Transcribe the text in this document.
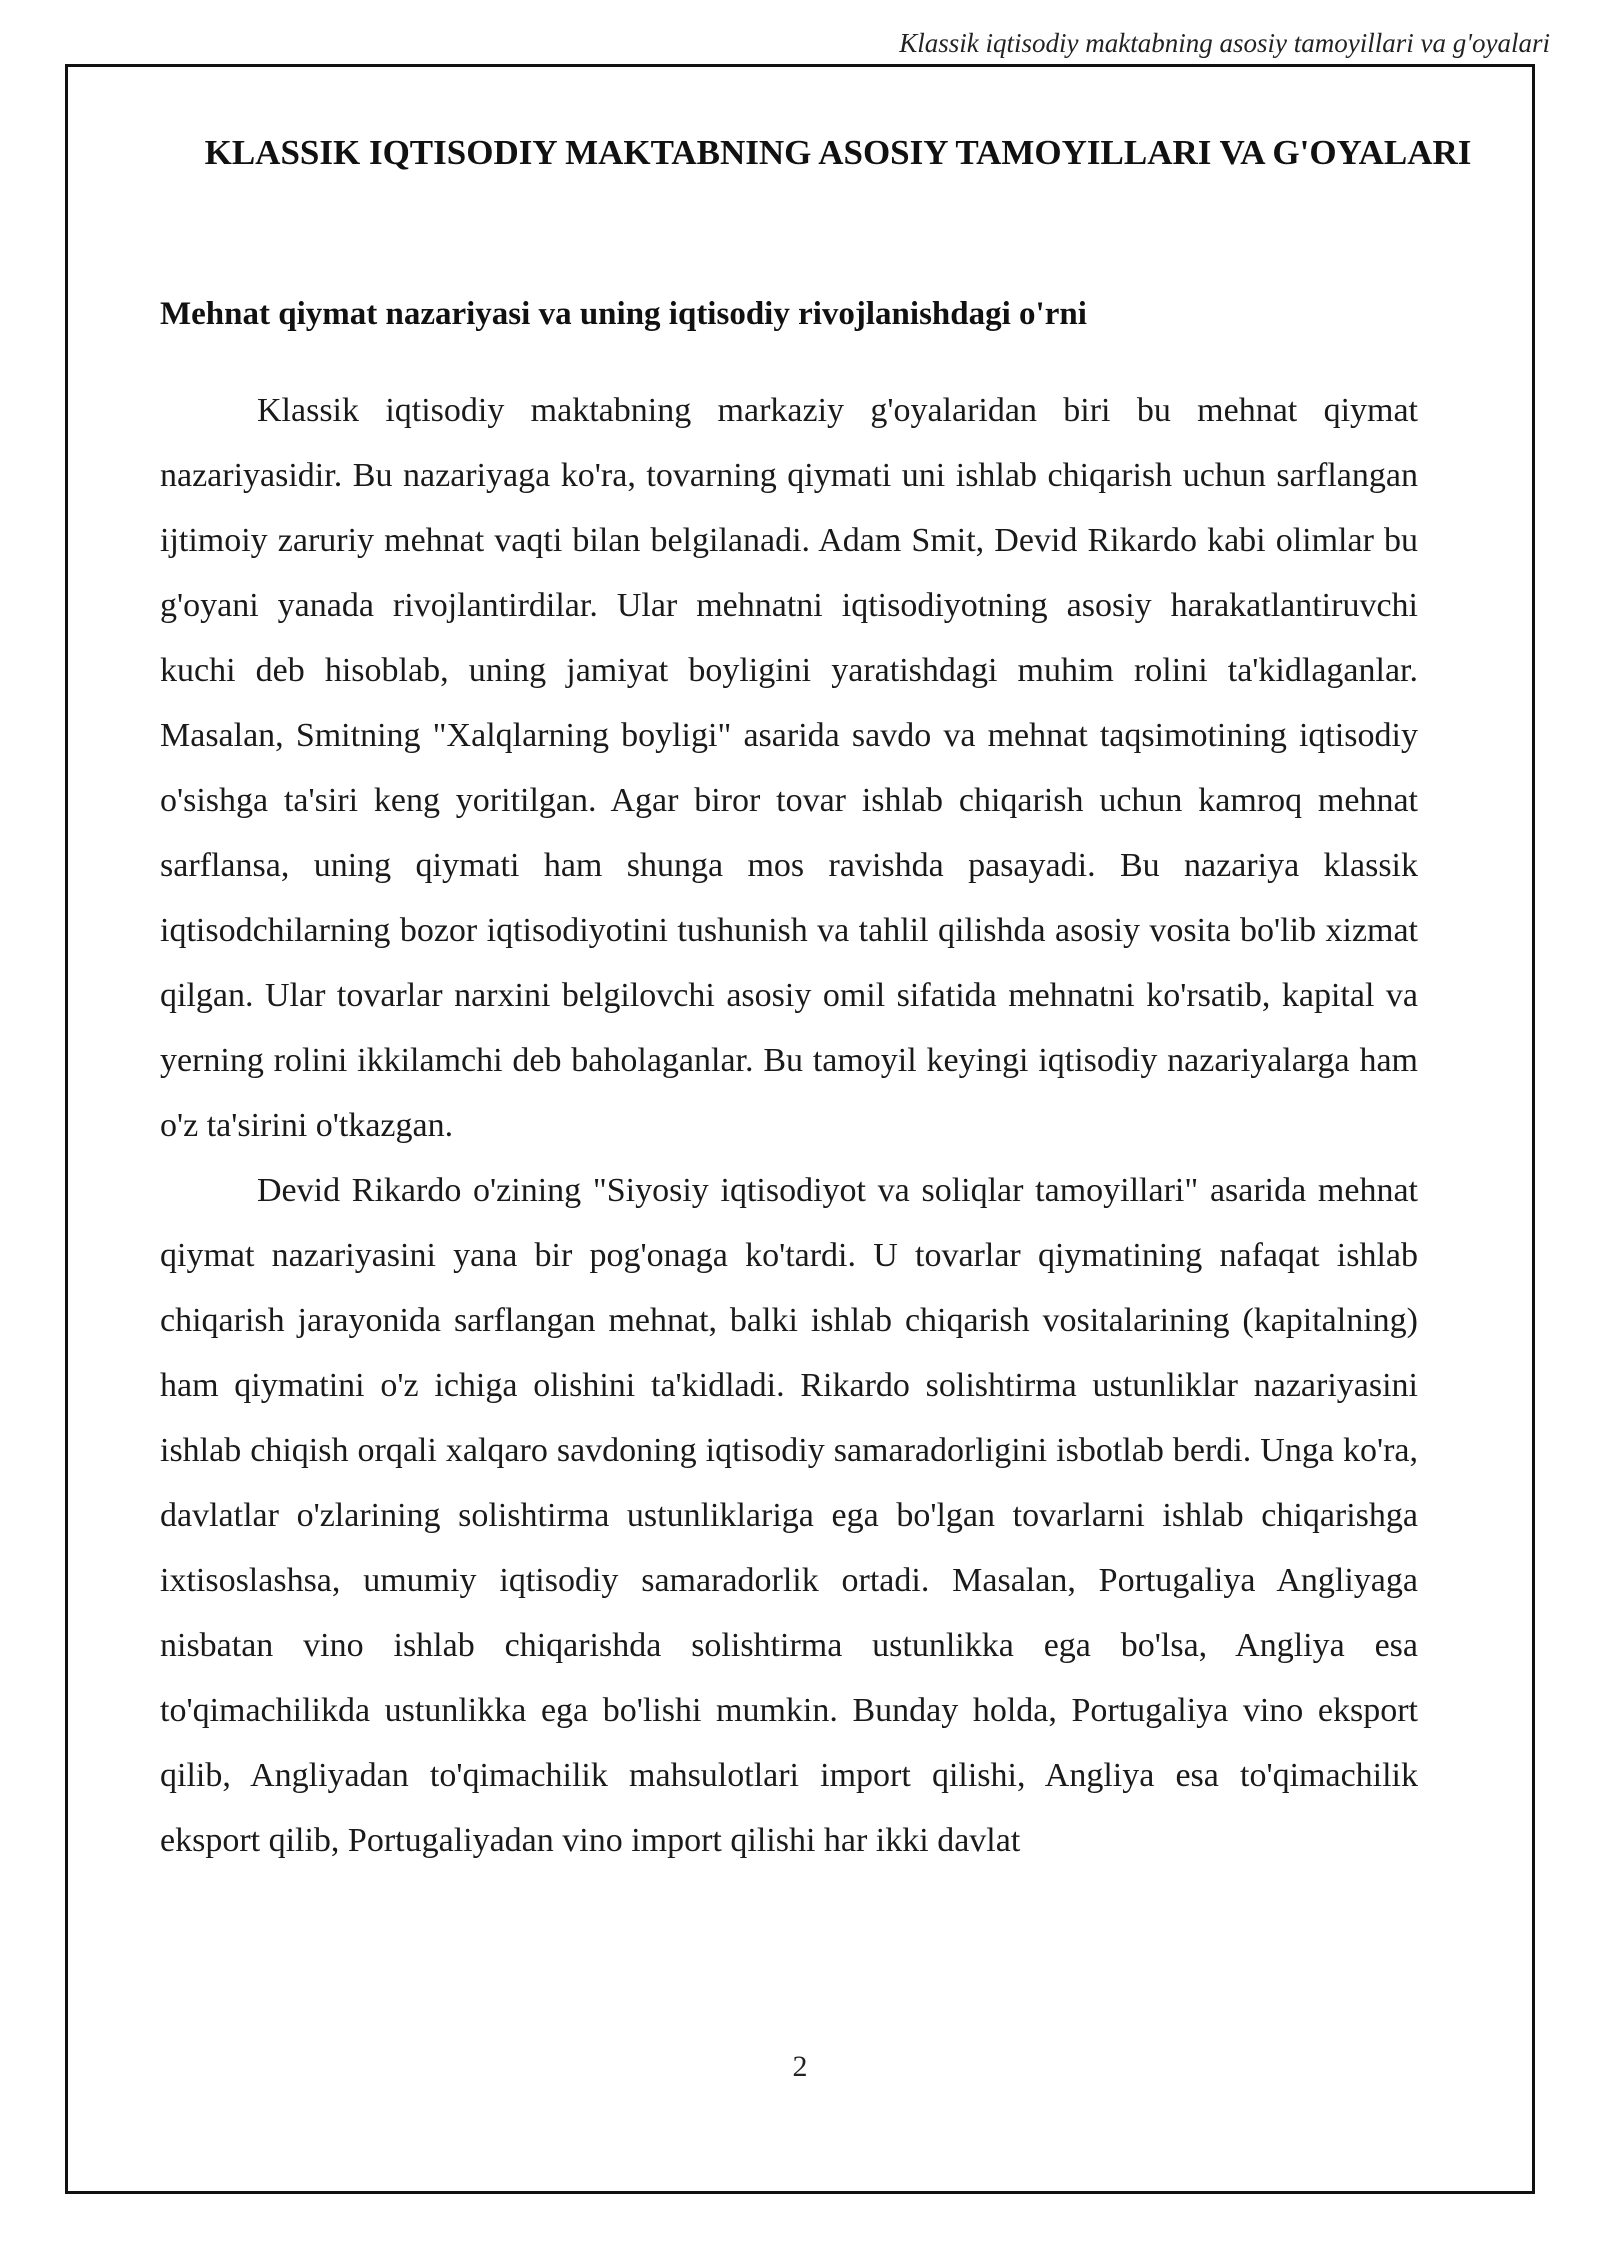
Klassik iqtisodiy maktabning asosiy tamoyillari va g'oyalari
KLASSIK IQTISODIY MAKTABNING ASOSIY TAMOYILLARI VA G'OYALARI
Mehnat qiymat nazariyasi va uning iqtisodiy rivojlanishdagi o'rni

Klassik iqtisodiy maktabning markaziy g'oyalaridan biri bu mehnat qiymat nazariyasidir. Bu nazariyaga ko'ra, tovarning qiymati uni ishlab chiqarish uchun sarflangan ijtimoiy zaruriy mehnat vaqti bilan belgilanadi. Adam Smit, Devid Rikardo kabi olimlar bu g'oyani yanada rivojlantirdilar. Ular mehnatni iqtisodiyotning asosiy harakatlantiruvchi kuchi deb hisoblab, uning jamiyat boyligini yaratishdagi muhim rolini ta'kidlaganlar. Masalan, Smitning "Xalqlarning boyligi" asarida savdo va mehnat taqsimotining iqtisodiy o'sishga ta'siri keng yoritilgan. Agar biror tovar ishlab chiqarish uchun kamroq mehnat sarflansa, uning qiymati ham shunga mos ravishda pasayadi. Bu nazariya klassik iqtisodchilarning bozor iqtisodiyotini tushunish va tahlil qilishda asosiy vosita bo'lib xizmat qilgan. Ular tovarlar narxini belgilovchi asosiy omil sifatida mehnatni ko'rsatib, kapital va yerning rolini ikkilamchi deb baholaganlar. Bu tamoyil keyingi iqtisodiy nazariyalarga ham o'z ta'sirini o'tkazgan.

Devid Rikardo o'zining "Siyosiy iqtisodiyot va soliqlar tamoyillari" asarida mehnat qiymat nazariyasini yana bir pog'onaga ko'tardi. U tovarlar qiymatining nafaqat ishlab chiqarish jarayonida sarflangan mehnat, balki ishlab chiqarish vositalarining (kapitalning) ham qiymatini o'z ichiga olishini ta'kidladi. Rikardo solishtirma ustunliklar nazariyasini ishlab chiqish orqali xalqaro savdoning iqtisodiy samaradorligini isbotlab berdi. Unga ko'ra, davlatlar o'zlarining solishtirma ustunliklariga ega bo'lgan tovarlarni ishlab chiqarishga ixtisoslashsa, umumiy iqtisodiy samaradorlik ortadi. Masalan, Portugaliya Angliyaga nisbatan vino ishlab chiqarishda solishtirma ustunlikka ega bo'lsa, Angliya esa to'qimachilikda ustunlikka ega bo'lishi mumkin. Bunday holda, Portugaliya vino eksport qilib, Angliyadan to'qimachilik mahsulotlari import qilishi, Angliya esa to'qimachilik eksport qilib, Portugaliyadan vino import qilishi har ikki davlat

2
